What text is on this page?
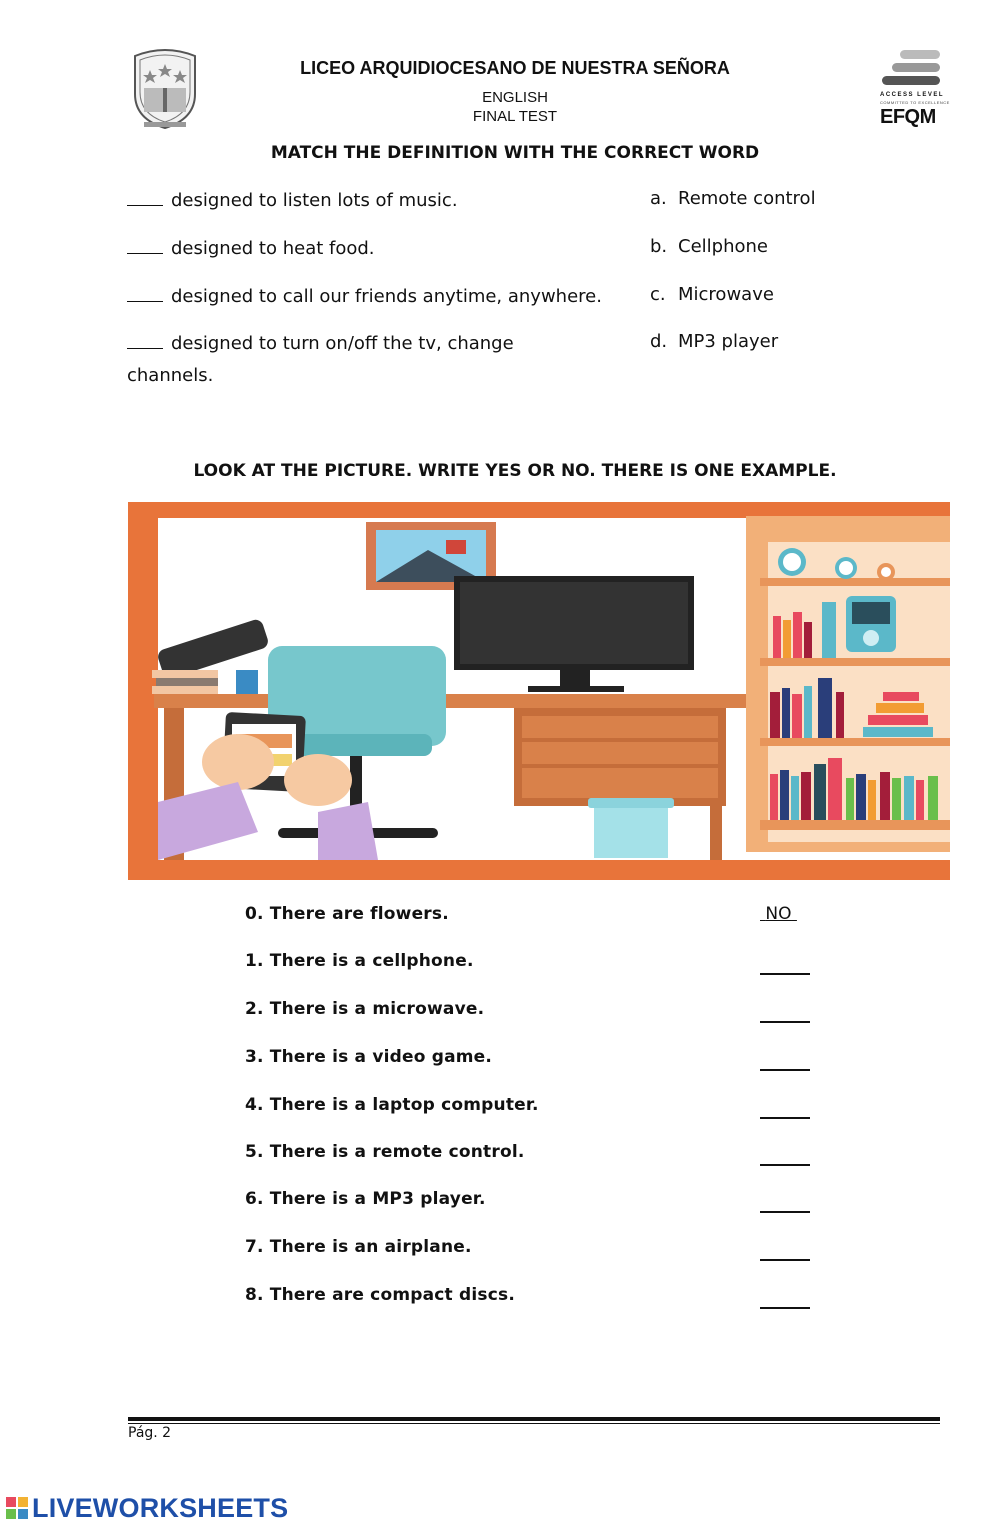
ACCESS LEVEL
COMMITTED TO EXCELLENCE
EFQM
LICEO ARQUIDIOCESANO DE NUESTRA SEÑORA
ENGLISH
FINAL TEST
MATCH THE DEFINITION WITH THE CORRECT WORD
designed to listen lots of music.
designed to heat food.
designed to call our friends anytime, anywhere.
designed to turn on/off the tv, change channels.
a. Remote control
b. Cellphone
c. Microwave
d. MP3 player
LOOK AT THE PICTURE. WRITE YES OR NO. THERE IS ONE EXAMPLE.
0. There are flowers.	NO
1. There is a cellphone.
2. There is a microwave.
3. There is a video game.
4. There is a laptop computer.
5. There is a remote control.
6. There is a MP3 player.
7. There is an airplane.
8. There are compact discs.
Pág. 2
LIVEWORKSHEETS
